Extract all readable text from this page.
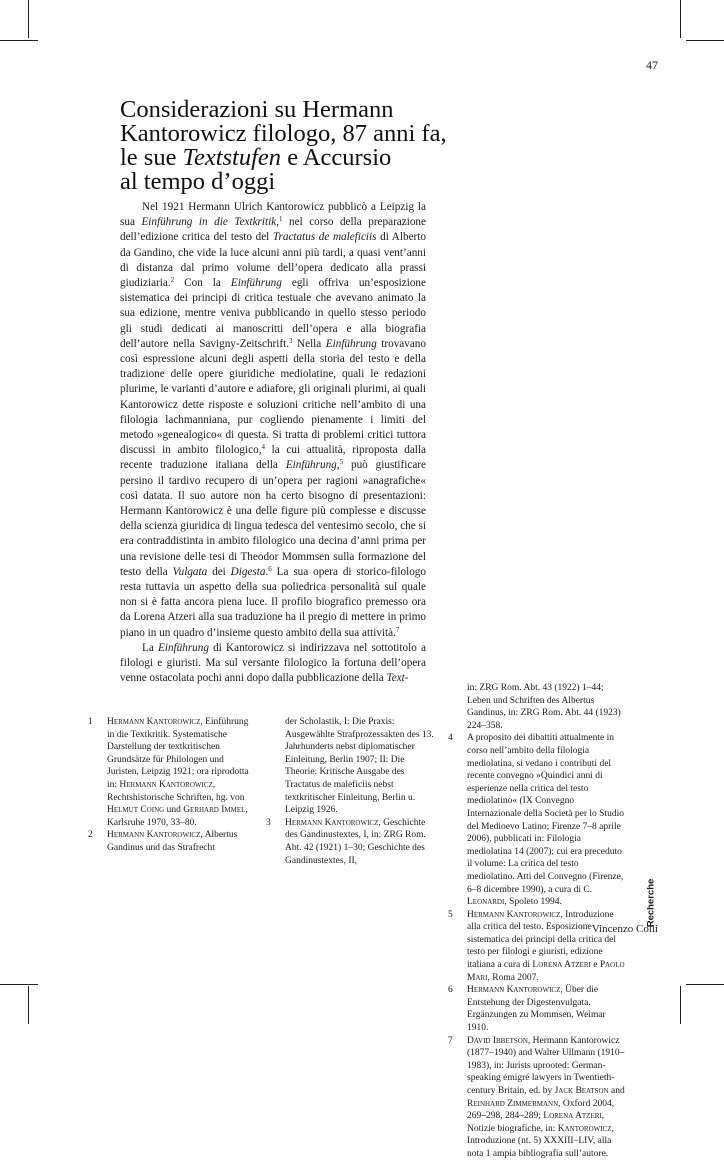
47
Considerazioni su Hermann
Kantorowicz filologo, 87 anni fa,
le sue Textstufen e Accursio
al tempo d’oggi

Nel 1921 Hermann Ulrich Kantorowicz pubblicò a Leipzig la sua Einführung in die Textkritik,$^1$ nel corso della preparazione dell’edizione critica del testo del Tractatus de maleficiis di Alberto da Gandino, che vide la luce alcuni anni più tardi, a quasi vent’anni di distanza dal primo volume dell’opera dedicato alla prassi giudiziaria.$^2$ Con la Einführung egli offriva un’esposizione sistematica dei principi di critica testuale che avevano animato la sua edizione, mentre veniva pubblicando in quello stesso periodo gli studi dedicati ai manoscritti dell’opera e alla biografia dell’autore nella Savigny-Zeitschrift.$^3$ Nella Einführung trovavano così espressione alcuni degli aspetti della storia del testo e della tradizione delle opere giuridiche mediolatine, quali le redazioni plurime, le varianti d’autore e adiafore, gli originali plurimi, ai quali Kantorowicz dette risposte e soluzioni critiche nell’ambito di una filologia lachmanniana, pur cogliendo pienamente i limiti del metodo »genealogico« di questa. Si tratta di problemi critici tuttora discussi in ambito filologico,$^4$ la cui attualità, riproposta dalla recente traduzione italiana della Einführung,$^5$ può giustificare persino il tardivo recupero di un’opera per ragioni »anagrafiche« così datata. Il suo autore non ha certo bisogno di presentazioni: Hermann Kantorowicz è una delle figure più complesse e discusse della scienza giuridica di lingua tedesca del ventesimo secolo, che si era contraddistinta in ambito filologico una decina d’anni prima per una revisione delle tesi di Theodor Mommsen sulla formazione del testo della Vulgata dei Digesta.$^6$ La sua opera di storico-filologo resta tuttavia un aspetto della sua poliedrica personalità sul quale non si è fatta ancora piena luce. Il profilo biografico premesso ora da Lorena Atzeri alla sua traduzione ha il pregio di mettere in primo piano in un quadro d’insieme questo ambito della sua attività.$^7$

La Einführung di Kantorowicz si indirizzava nel sottotitolo a filologi e giuristi. Ma sul versante filologico la fortuna dell’opera venne ostacolata pochi anni dopo dalla pubblicazione della Text-

1	Hermann Kantorowicz, Einführung in die Textkritik. Systematische Darstellung der textkritischen Grundsätze für Philologen und Juristen, Leipzig 1921; ora riprodotta in: Hermann Kantorowicz, Rechtshistorische Schriften, hg. von Helmut Coing und Gerhard Immel, Karlsruhe 1970, 33–80.
2	Hermann Kantorowicz, Albertus Gandinus und das Strafrecht
der Scholastik, I: Die Praxis: Ausgewählte Strafprozessakten des 13. Jahrhunderts nebst diplomatischer Einleitung, Berlin 1907; II: Die Theorie: Kritische Ausgabe des Tractatus de maleficiis nebst textkritischer Einleitung, Berlin u. Leipzig 1926.
3	Hermann Kantorowicz, Geschichte des Gandinustextes, I, in: ZRG Rom. Abt. 42 (1921) 1–30; Geschichte des Gandinustextes, II,
in: ZRG Rom. Abt. 43 (1922) 1–44; Leben und Schriften des Albertus Gandinus, in: ZRG Rom. Abt. 44 (1923) 224–358.
4	A proposito dei dibattiti attualmente in corso nell’ambito della filologia mediolatina, si vedano i contributi del recente convegno »Quindici anni di esperienze nella critica del testo mediolatino« (IX Convegno Internazionale della Società per lo Studio del Medioevo Latino; Firenze 7–8 aprile 2006), pubblicati in: Filologia mediolatina 14 (2007); cui era preceduto il volume: La critica del testo mediolatino. Atti del Convegno (Firenze, 6–8 dicembre 1990), a cura di C. Leonardi, Spoleto 1994.
5	Hermann Kantorowicz, Introduzione alla critica del testo. Esposizione sistematica dei principi della critica del testo per filologi e giuristi, edizione italiana a cura di Lorena Atzeri e Paolo Mari, Roma 2007.
6	Hermann Kantorowicz, Über die Entstehung der Digestenvulgata. Ergänzungen zu Mommsen, Weimar 1910.
7	David Ibbetson, Hermann Kantorowicz (1877–1940) and Walter Ullmann (1910–1983), in: Jurists uprooted: German-speaking émigré lawyers in Twentieth-century Britain, ed. by Jack Beatson and Reinhard Zimmermann, Oxford 2004, 269–298, 284–289; Lorena Atzeri, Notizie biografiche, in: Kantorowicz, Introduzione (nt. 5) XXXIII–LIV, alla nota 1 ampia bibliografia sull’autore.
Recherche
Vincenzo Colli
